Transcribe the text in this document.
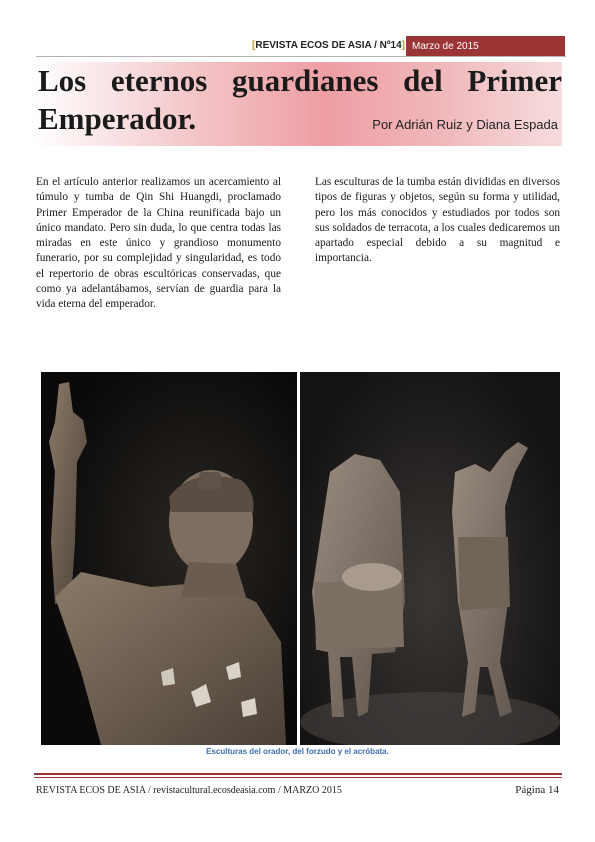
[REVISTA ECOS DE ASIA / Nº14] Marzo de 2015
Los eternos guardianes del Primer Emperador.	Por Adrián Ruiz y Diana Espada

En el artículo anterior realizamos un acercamiento al túmulo y tumba de Qin Shi Huangdi, proclamado Primer Emperador de la China reunificada bajo un único mandato. Pero sin duda, lo que centra todas las miradas en este único y grandioso monumento funerario, por su complejidad y singularidad, es todo el repertorio de obras escultóricas conservadas, que como ya adelantábamos, servían de guardia para la vida eterna del emperador.

Las esculturas de la tumba están divididas en diversos tipos de figuras y objetos, según su forma y utilidad, pero los más conocidos y estudiados por todos son sus soldados de terracota, a los cuales dedicaremos un apartado especial debido a su magnitud e importancia.

Esculturas del orador, del forzudo y el acróbata.
REVISTA ECOS DE ASIA / revistacultural.ecosdeasia.com / MARZO 2015	Página 14
